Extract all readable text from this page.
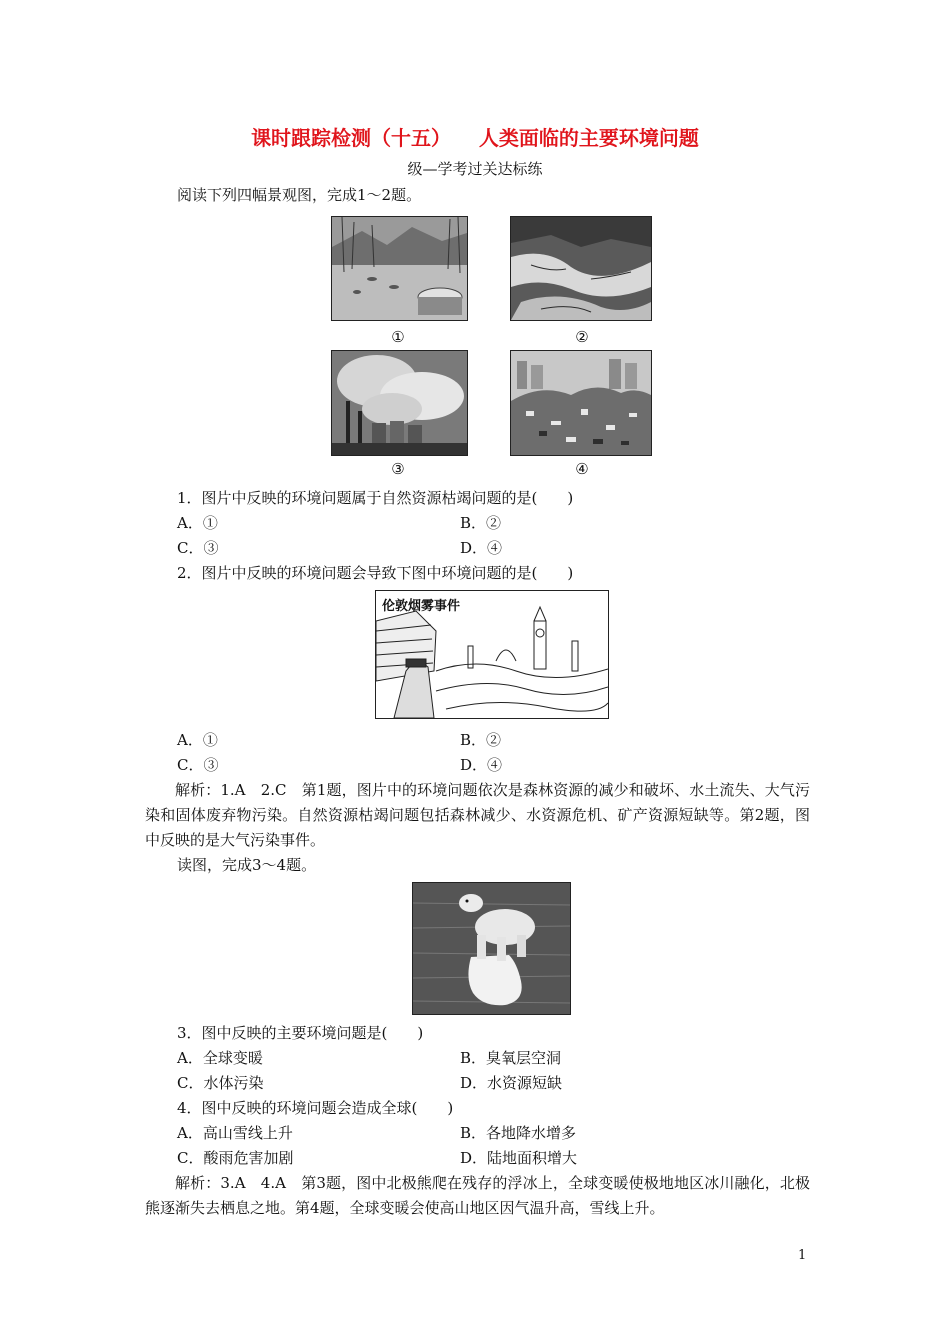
课时跟踪检测（十五）    人类面临的主要环境问题
级—学考过关达标练
阅读下列四幅景观图，完成1～2题。
①	②
③	④
1．图片中反映的环境问题属于自然资源枯竭问题的是(　　)
A．①	B．②
C．③	D．④
2．图片中反映的环境问题会导致下图中环境问题的是(　　)
伦敦烟雾事件
A．①	B．②
C．③	D．④
解析：1.A　2.C　第1题，图片中的环境问题依次是森林资源的减少和破坏、水土流失、大气污染和固体废弃物污染。自然资源枯竭问题包括森林减少、水资源危机、矿产资源短缺等。第2题，图中反映的是大气污染事件。
读图，完成3～4题。
3．图中反映的主要环境问题是(　　)
A．全球变暖	B．臭氧层空洞
C．水体污染	D．水资源短缺
4．图中反映的环境问题会造成全球(　　)
A．高山雪线上升	B．各地降水增多
C．酸雨危害加剧	D．陆地面积增大
解析：3.A　4.A　第3题，图中北极熊爬在残存的浮冰上，全球变暖使极地地区冰川融化，北极熊逐渐失去栖息之地。第4题，全球变暖会使高山地区因气温升高，雪线上升。
1
